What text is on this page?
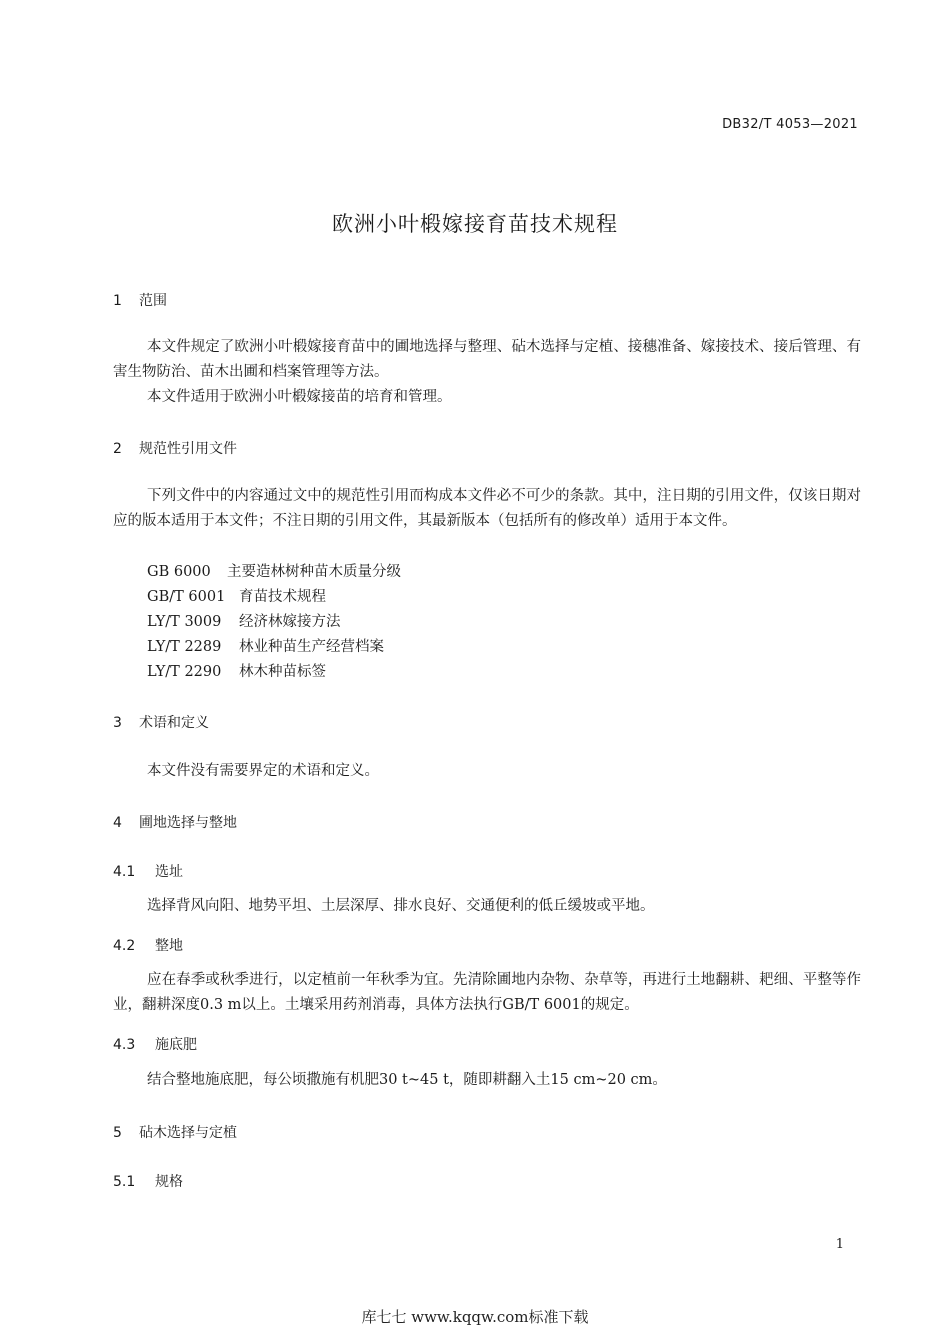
DB32/T 4053—2021
欧洲小叶椴嫁接育苗技术规程
1 范围

本文件规定了欧洲小叶椴嫁接育苗中的圃地选择与整理、砧木选择与定植、接穗准备、嫁接技术、接后管理、有害生物防治、苗木出圃和档案管理等方法。

本文件适用于欧洲小叶椴嫁接苗的培育和管理。

2 规范性引用文件

下列文件中的内容通过文中的规范性引用而构成本文件必不可少的条款。其中，注日期的引用文件，仅该日期对应的版本适用于本文件；不注日期的引用文件，其最新版本（包括所有的修改单）适用于本文件。

GB 6000 主要造林树种苗木质量分级
GB/T 6001 育苗技术规程
LY/T 3009 经济林嫁接方法
LY/T 2289 林业种苗生产经营档案
LY/T 2290 林木种苗标签
3 术语和定义

本文件没有需要界定的术语和定义。

4 圃地选择与整地
4.1 选址

选择背风向阳、地势平坦、土层深厚、排水良好、交通便利的低丘缓坡或平地。

4.2 整地

应在春季或秋季进行，以定植前一年秋季为宜。先清除圃地内杂物、杂草等，再进行土地翻耕、耙细、平整等作业，翻耕深度0.3 m以上。土壤采用药剂消毒，具体方法执行GB/T 6001的规定。

4.3 施底肥

结合整地施底肥，每公顷撒施有机肥30 t~45 t，随即耕翻入土15 cm~20 cm。

5 砧木选择与定植
5.1 规格
1
库七七 www.kqqw.com标准下载
